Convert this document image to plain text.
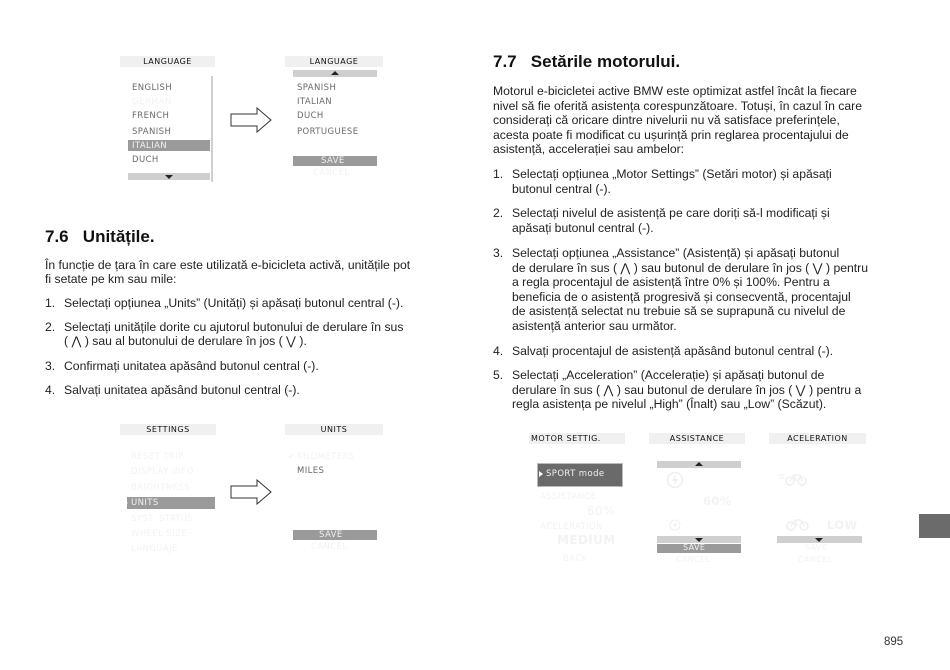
LANGUAGE
ENGLISH
GERMAN
FRENCH
SPANISH
ITALIAN
DUCH
LANGUAGE
SPANISH
ITALIAN
DUCH
PORTUGUESE
SAVE
CANCEL
7.6   Unitățile.
În funcție de țara în care este utilizată e-bicicleta activă, unitățile pot
fi setate pe km sau mile:
1. Selectați opțiunea „Units” (Unități) și apăsați butonul central (-).
2. Selectați unitățile dorite cu ajutorul butonului de derulare în sus
( ⋀ ) sau al butonului de derulare în jos ( ⋁ ).
3. Confirmați unitatea apăsând butonul central (-).
4. Salvați unitatea apăsând butonul central (-).
SETTINGS
RESET TRIP
DISPLAY INFO
BRIGHTNESS
UNITS
SYST. STATUS
WHEEL SIZE
LANGUAJE
UNITS
✔ KILOMETERS
MILES
SAVE
CANCEL
7.7   Setările motorului.
Motorul e-bicicletei active BMW este optimizat astfel încât la fiecare
nivel să fie oferită asistența corespunzătoare. Totuși, în cazul în care
considerați că oricare dintre nivelurii nu vă satisface preferințele,
acesta poate fi modificat cu ușurință prin reglarea procentajului de
asistență, accelerației sau ambelor:
1. Selectați opțiunea „Motor Settings” (Setări motor) și apăsați
butonul central (-).
2. Selectați nivelul de asistență pe care doriți să-l modificați și
apăsați butonul central (-).
3. Selectați opțiunea „Assistance” (Asistență) și apăsați butonul
de derulare în sus ( ⋀ ) sau butonul de derulare în jos ( ⋁ ) pentru
a regla procentajul de asistență între 0% și 100%. Pentru a
beneficia de o asistență progresivă și consecventă, procentajul
de asistență selectat nu trebuie să se suprapună cu nivelul de
asistență anterior sau următor.
4. Salvați procentajul de asistență apăsând butonul central (-).
5. Selectați „Acceleration” (Accelerație) și apăsați butonul de
derulare în sus ( ⋀ ) sau butonul de derulare în jos ( ⋁ ) pentru a
regla asistența pe nivelul „High” (Înalt) sau „Low” (Scăzut).
MOTOR SETTIG.
SPORT mode
ASSISTANCE
60%
ACELERATION
MEDIUM
BACK
ASSISTANCE
60%
SAVE
CANCEL
ACELERATION
LOW
SAVE
CANCEL
895
